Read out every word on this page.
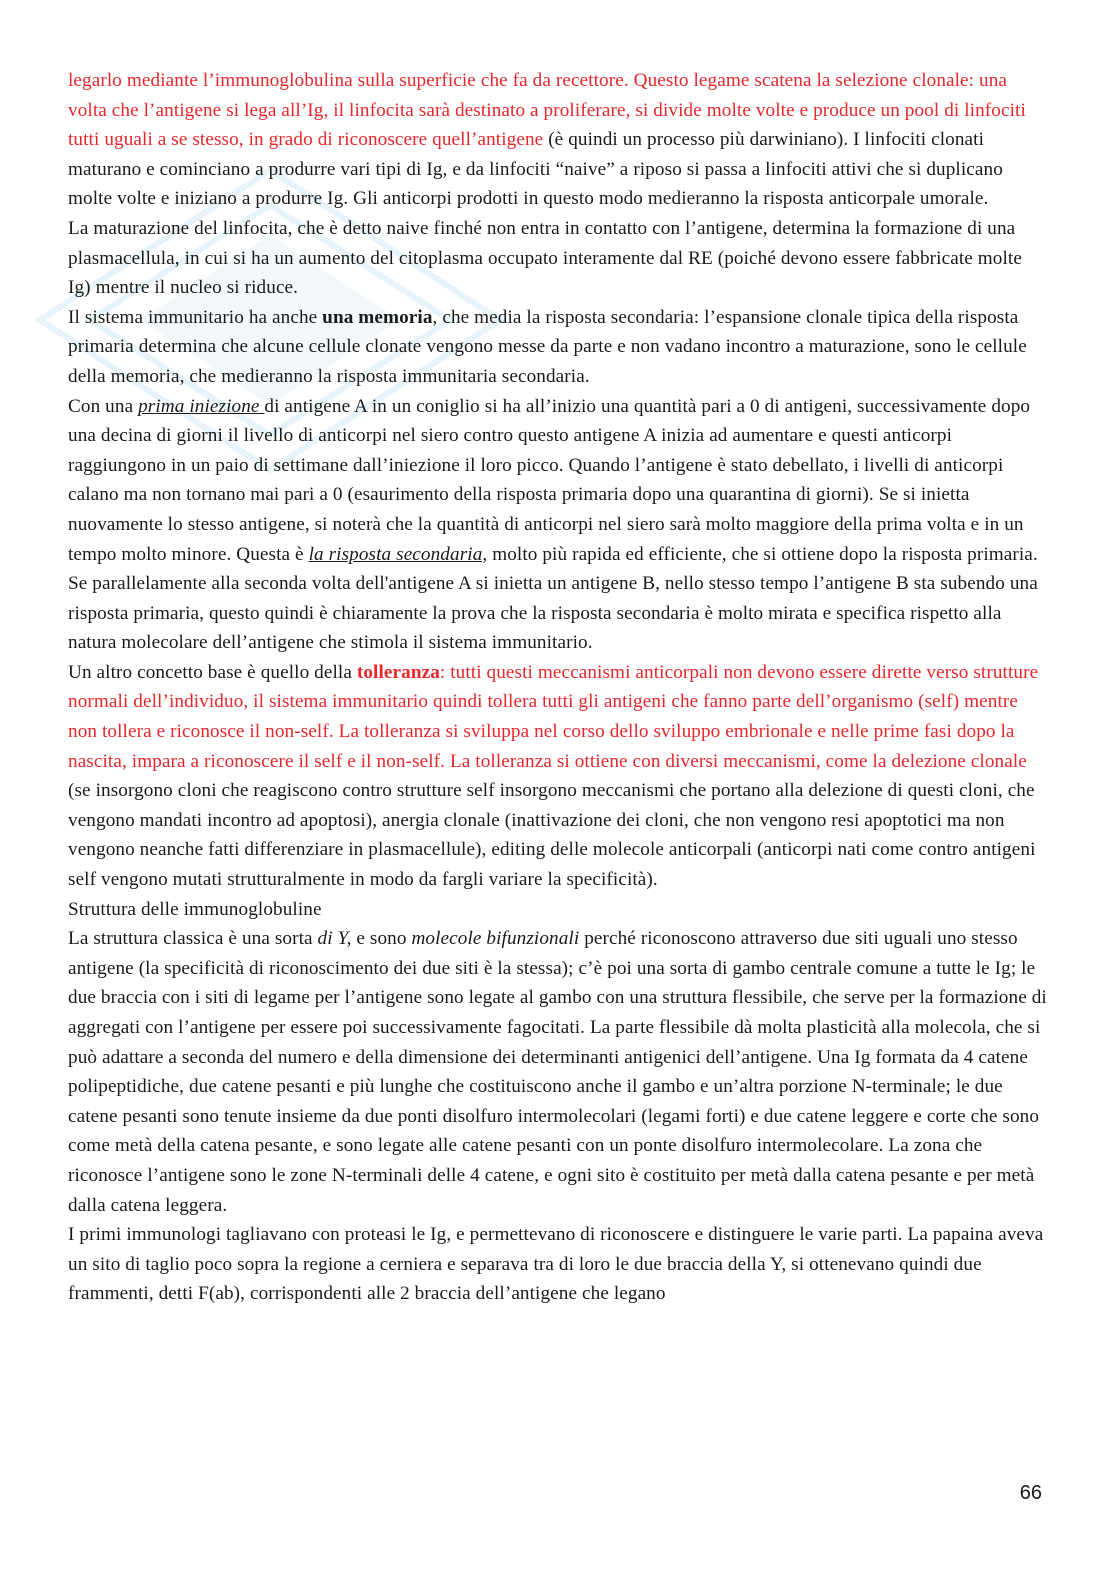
legarlo mediante l’immunoglobulina sulla superficie che fa da recettore. Questo legame scatena la selezione clonale: una volta che l’antigene si lega all’Ig, il linfocita sarà destinato a proliferare, si divide molte volte e produce un pool di linfociti tutti uguali a se stesso, in grado di riconoscere quell’antigene (è quindi un processo più darwiniano). I linfociti clonati maturano e cominciano a produrre vari tipi di Ig, e da linfociti “naive” a riposo si passa a linfociti attivi che si duplicano molte volte e iniziano a produrre Ig. Gli anticorpi prodotti in questo modo medieranno la risposta anticorpale umorale.

La maturazione del linfocita, che è detto naive finché non entra in contatto con l’antigene, determina la formazione di una plasmacellula, in cui si ha un aumento del citoplasma occupato interamente dal RE (poiché devono essere fabbricate molte Ig) mentre il nucleo si riduce.

Il sistema immunitario ha anche una memoria, che media la risposta secondaria: l’espansione clonale tipica della risposta primaria determina che alcune cellule clonate vengono messe da parte e non vadano incontro a maturazione, sono le cellule della memoria, che medieranno la risposta immunitaria secondaria.

Con una prima iniezione di antigene A in un coniglio si ha all’inizio una quantità pari a 0 di antigeni, successivamente dopo una decina di giorni il livello di anticorpi nel siero contro questo antigene A inizia ad aumentare e questi anticorpi raggiungono in un paio di settimane dall’iniezione il loro picco. Quando l’antigene è stato debellato, i livelli di anticorpi calano ma non tornano mai pari a 0 (esaurimento della risposta primaria dopo una quarantina di giorni). Se si inietta nuovamente lo stesso antigene, si noterà che la quantità di anticorpi nel siero sarà molto maggiore della prima volta e in un tempo molto minore. Questa è la risposta secondaria, molto più rapida ed efficiente, che si ottiene dopo la risposta primaria. Se parallelamente alla seconda volta dell'antigene A si inietta un antigene B, nello stesso tempo l’antigene B sta subendo una risposta primaria, questo quindi è chiaramente la prova che la risposta secondaria è molto mirata e specifica rispetto alla natura molecolare dell’antigene che stimola il sistema immunitario.

Un altro concetto base è quello della tolleranza: tutti questi meccanismi anticorpali non devono essere dirette verso strutture normali dell’individuo, il sistema immunitario quindi tollera tutti gli antigeni che fanno parte dell’organismo (self) mentre non tollera e riconosce il non-self. La tolleranza si sviluppa nel corso dello sviluppo embrionale e nelle prime fasi dopo la nascita, impara a riconoscere il self e il non-self. La tolleranza si ottiene con diversi meccanismi, come la delezione clonale (se insorgono cloni che reagiscono contro strutture self insorgono meccanismi che portano alla delezione di questi cloni, che vengono mandati incontro ad apoptosi), anergia clonale (inattivazione dei cloni, che non vengono resi apoptotici ma non vengono neanche fatti differenziare in plasmacellule), editing delle molecole anticorpali (anticorpi nati come contro antigeni self vengono mutati strutturalmente in modo da fargli variare la specificità).

Struttura delle immunoglobuline

La struttura classica è una sorta di Y, e sono molecole bifunzionali perché riconoscono attraverso due siti uguali uno stesso antigene (la specificità di riconoscimento dei due siti è la stessa); c’è poi una sorta di gambo centrale comune a tutte le Ig; le due braccia con i siti di legame per l’antigene sono legate al gambo con una struttura flessibile, che serve per la formazione di aggregati con l’antigene per essere poi successivamente fagocitati. La parte flessibile dà molta plasticità alla molecola, che si può adattare a seconda del numero e della dimensione dei determinanti antigenici dell’antigene. Una Ig formata da 4 catene polipeptidiche, due catene pesanti e più lunghe che costituiscono anche il gambo e un’altra porzione N-terminale; le due catene pesanti sono tenute insieme da due ponti disolfuro intermolecolari (legami forti) e due catene leggere e corte che sono come metà della catena pesante, e sono legate alle catene pesanti con un ponte disolfuro intermolecolare. La zona che riconosce l’antigene sono le zone N-terminali delle 4 catene, e ogni sito è costituito per metà dalla catena pesante e per metà dalla catena leggera.

I primi immunologi tagliavano con proteasi le Ig, e permettevano di riconoscere e distinguere le varie parti. La papaina aveva un sito di taglio poco sopra la regione a cerniera e separava tra di loro le due braccia della Y, si ottenevano quindi due frammenti, detti F(ab), corrispondenti alle 2 braccia dell’antigene che legano

66
